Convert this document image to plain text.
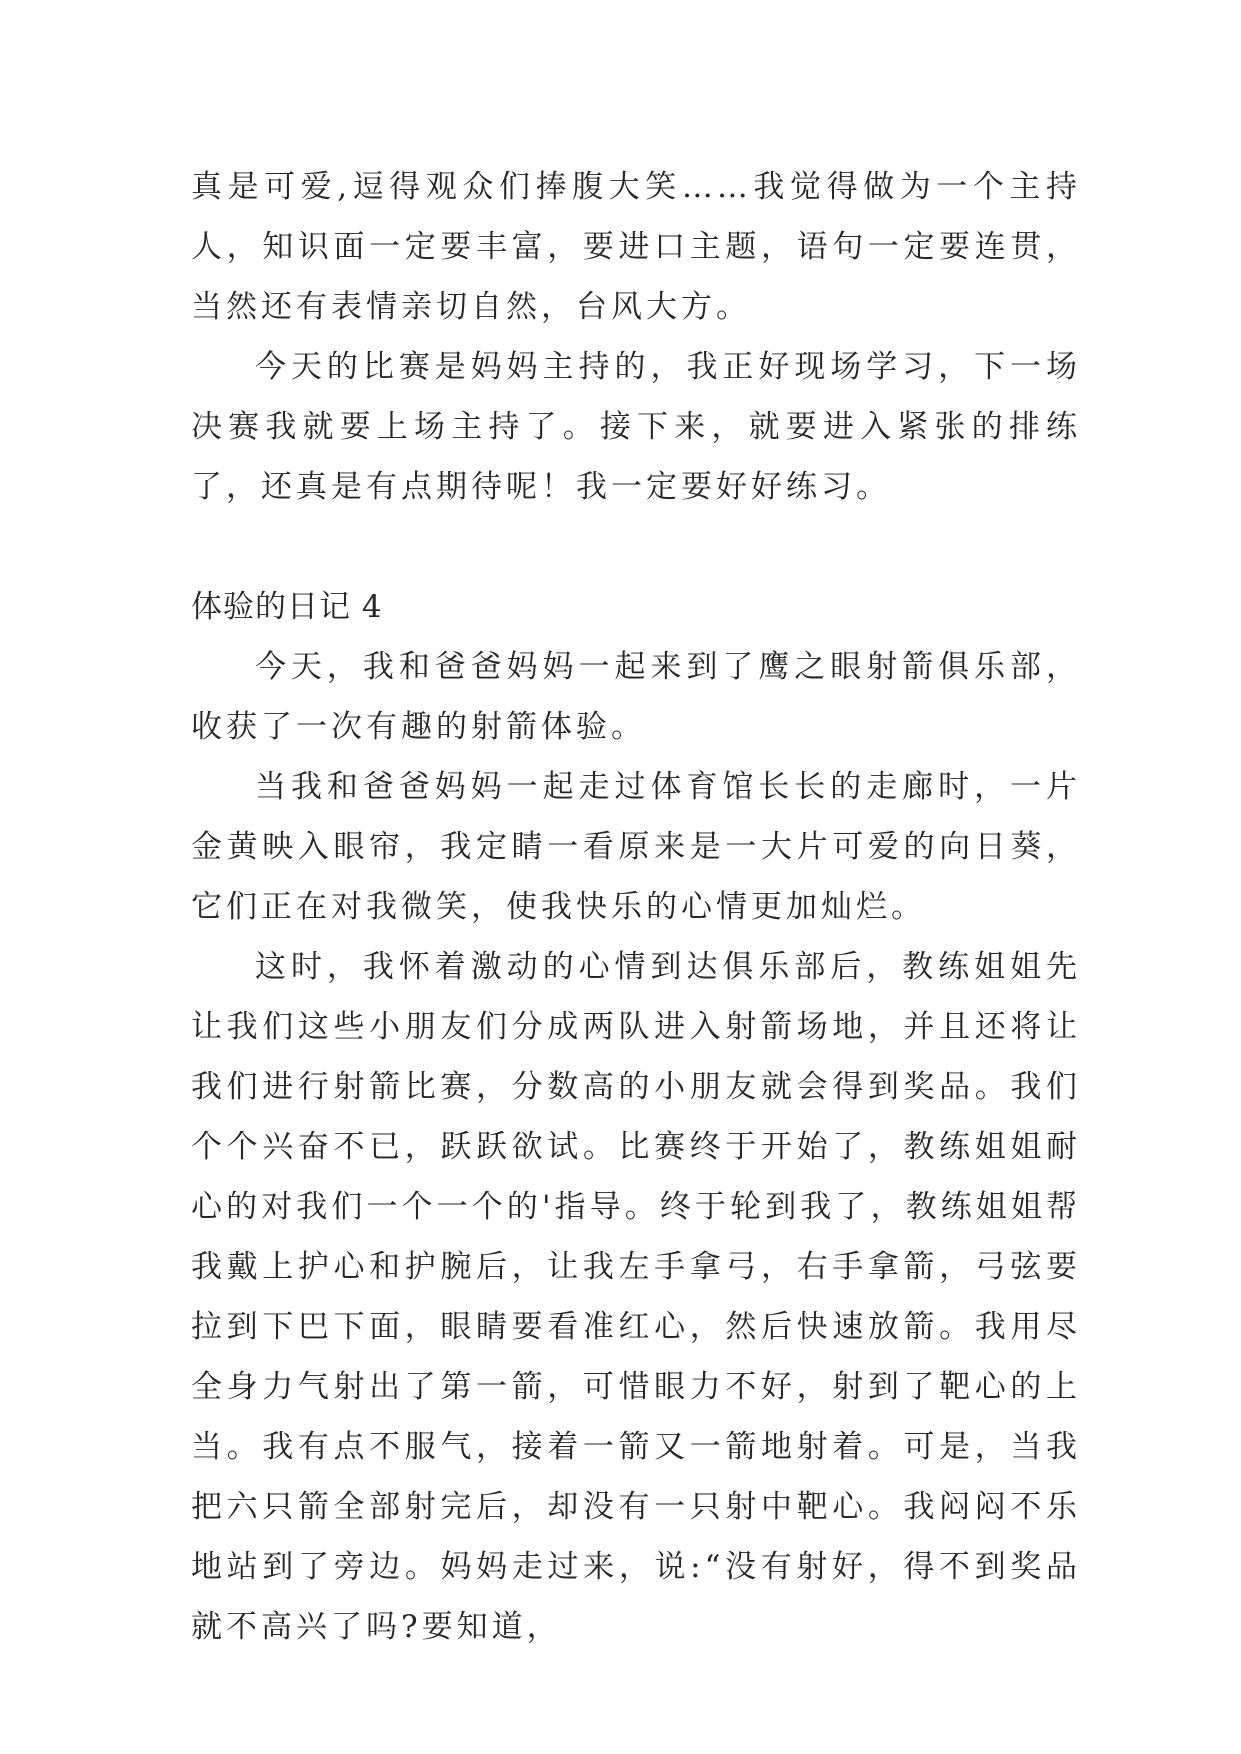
真是可爱,逗得观众们捧腹大笑……我觉得做为一个主持人，知识面一定要丰富，要进口主题，语句一定要连贯，当然还有表情亲切自然，台风大方。

今天的比赛是妈妈主持的，我正好现场学习，下一场决赛我就要上场主持了。接下来，就要进入紧张的排练了，还真是有点期待呢！我一定要好好练习。

体验的日记 4

今天，我和爸爸妈妈一起来到了鹰之眼射箭俱乐部，收获了一次有趣的射箭体验。

当我和爸爸妈妈一起走过体育馆长长的走廊时，一片金黄映入眼帘，我定睛一看原来是一大片可爱的向日葵，它们正在对我微笑，使我快乐的心情更加灿烂。

这时，我怀着激动的心情到达俱乐部后，教练姐姐先让我们这些小朋友们分成两队进入射箭场地，并且还将让我们进行射箭比赛，分数高的小朋友就会得到奖品。我们个个兴奋不已，跃跃欲试。比赛终于开始了，教练姐姐耐心的对我们一个一个的'指导。终于轮到我了，教练姐姐帮我戴上护心和护腕后，让我左手拿弓，右手拿箭，弓弦要拉到下巴下面，眼睛要看准红心，然后快速放箭。我用尽全身力气射出了第一箭，可惜眼力不好，射到了靶心的上当。我有点不服气，接着一箭又一箭地射着。可是，当我把六只箭全部射完后，却没有一只射中靶心。我闷闷不乐地站到了旁边。妈妈走过来，说:“没有射好，得不到奖品就不高兴了吗?要知道，
